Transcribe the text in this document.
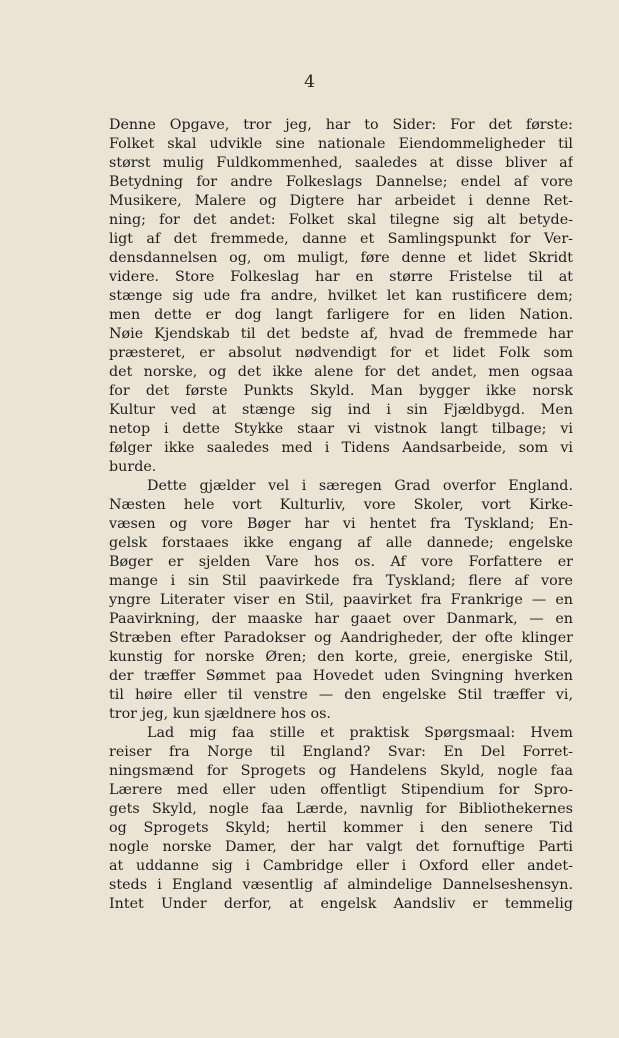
4
Denne Opgave, tror jeg, har to Sider: For det første:
Folket skal udvikle sine nationale Eiendommeligheder til
størst mulig Fuldkommenhed, saaledes at disse bliver af
Betydning for andre Folkeslags Dannelse; endel af vore
Musikere, Malere og Digtere har arbeidet i denne Ret-
ning; for det andet: Folket skal tilegne sig alt betyde-
ligt af det fremmede, danne et Samlingspunkt for Ver-
densdannelsen og, om muligt, føre denne et lidet Skridt
videre. Store Folkeslag har en større Fristelse til at
stænge sig ude fra andre, hvilket let kan rustificere dem;
men dette er dog langt farligere for en liden Nation.
Nøie Kjendskab til det bedste af, hvad de fremmede har
præsteret, er absolut nødvendigt for et lidet Folk som
det norske, og det ikke alene for det andet, men ogsaa
for det første Punkts Skyld. Man bygger ikke norsk
Kultur ved at stænge sig ind i sin Fjældbygd. Men
netop i dette Stykke staar vi vistnok langt tilbage; vi
følger ikke saaledes med i Tidens Aandsarbeide, som vi
burde.
Dette gjælder vel i særegen Grad overfor England.
Næsten hele vort Kulturliv, vore Skoler, vort Kirke-
væsen og vore Bøger har vi hentet fra Tyskland; En-
gelsk forstaaes ikke engang af alle dannede; engelske
Bøger er sjelden Vare hos os. Af vore Forfattere er
mange i sin Stil paavirkede fra Tyskland; flere af vore
yngre Literater viser en Stil, paavirket fra Frankrige — en
Paavirkning, der maaske har gaaet over Danmark, — en
Stræben efter Paradokser og Aandrigheder, der ofte klinger
kunstig for norske Øren; den korte, greie, energiske Stil,
der træffer Sømmet paa Hovedet uden Svingning hverken
til høire eller til venstre — den engelske Stil træffer vi,
tror jeg, kun sjældnere hos os.
Lad mig faa stille et praktisk Spørgsmaal: Hvem
reiser fra Norge til England? Svar: En Del Forret-
ningsmænd for Sprogets og Handelens Skyld, nogle faa
Lærere med eller uden offentligt Stipendium for Spro-
gets Skyld, nogle faa Lærde, navnlig for Bibliothekernes
og Sprogets Skyld; hertil kommer i den senere Tid
nogle norske Damer, der har valgt det fornuftige Parti
at uddanne sig i Cambridge eller i Oxford eller andet-
steds i England væsentlig af almindelige Dannelseshensyn.
Intet Under derfor, at engelsk Aandsliv er temmelig
